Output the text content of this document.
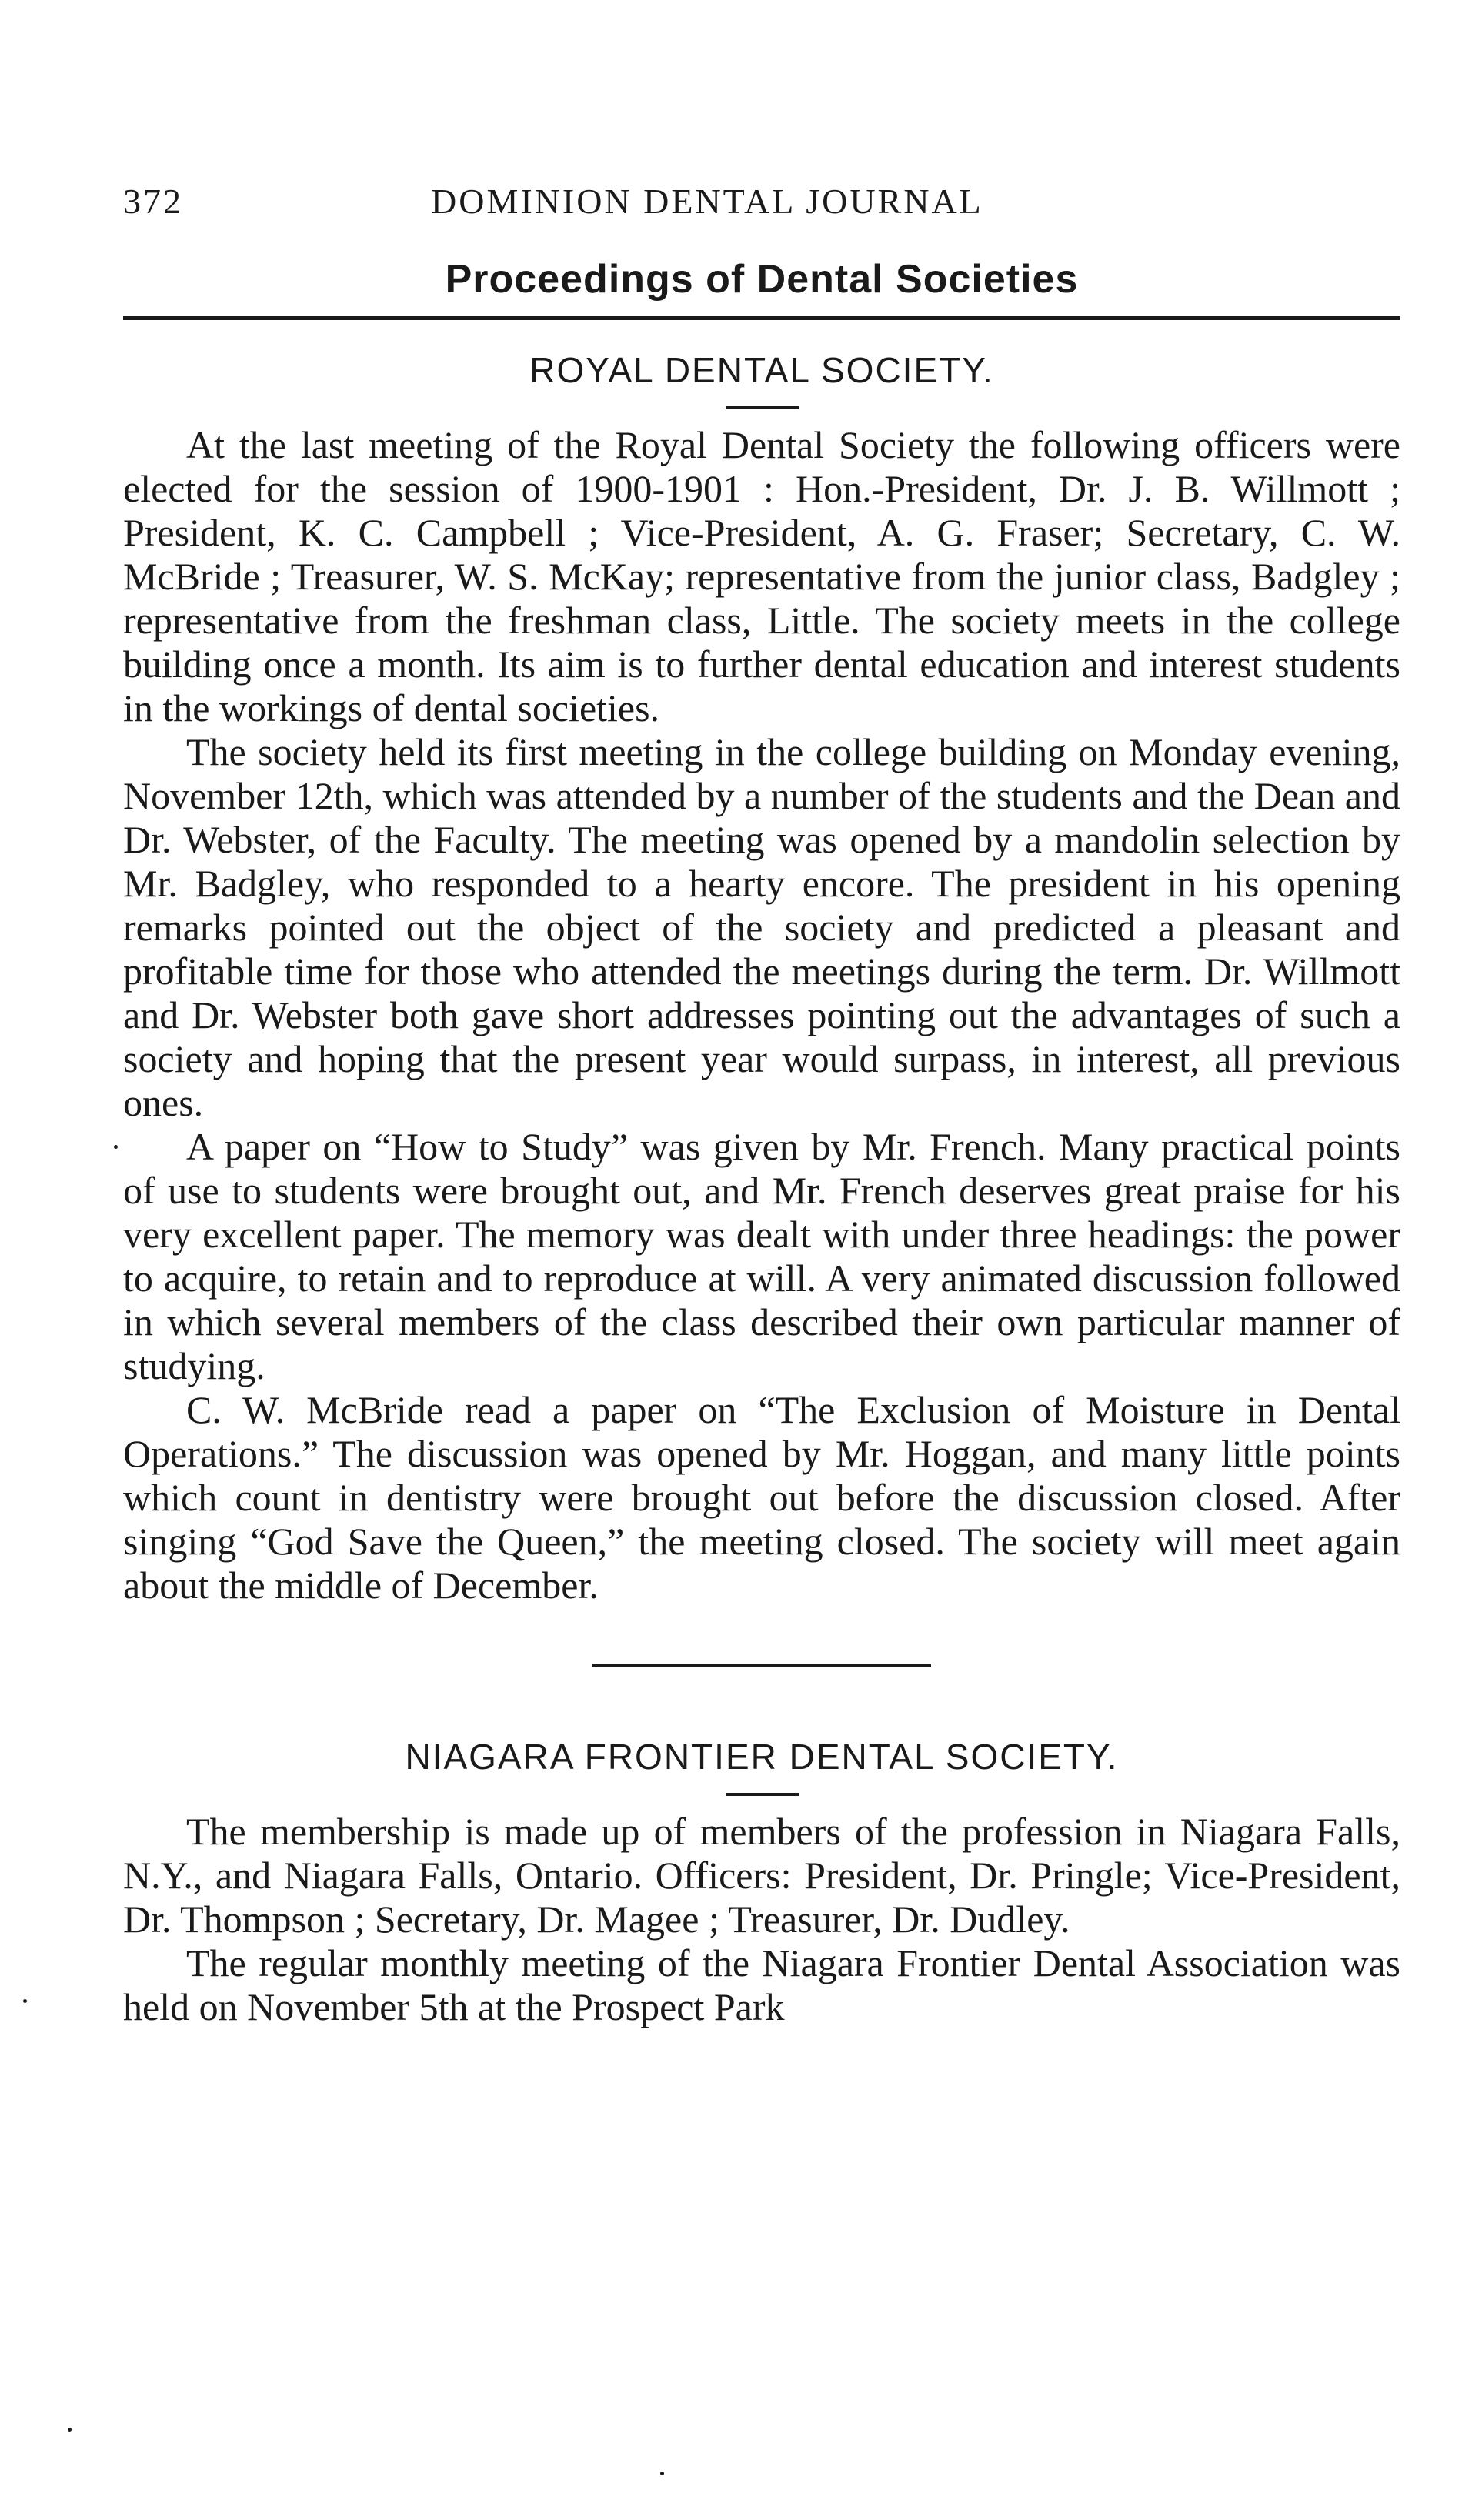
372	DOMINION DENTAL JOURNAL
Proceedings of Dental Societies
ROYAL DENTAL SOCIETY.

At the last meeting of the Royal Dental Society the following officers were elected for the session of 1900-1901 : Hon.-President, Dr. J. B. Willmott ; President, K. C. Campbell ; Vice-President, A. G. Fraser; Secretary, C. W. McBride ; Treasurer, W. S. McKay; representative from the junior class, Badgley ; representative from the freshman class, Little. The society meets in the college building once a month. Its aim is to further dental education and interest students in the workings of dental societies.

The society held its first meeting in the college building on Monday evening, November 12th, which was attended by a number of the students and the Dean and Dr. Webster, of the Faculty. The meeting was opened by a mandolin selection by Mr. Badgley, who responded to a hearty encore. The president in his opening remarks pointed out the object of the society and predicted a pleasant and profitable time for those who attended the meetings during the term. Dr. Willmott and Dr. Webster both gave short addresses pointing out the advantages of such a society and hoping that the present year would surpass, in interest, all previous ones.

A paper on “How to Study” was given by Mr. French. Many practical points of use to students were brought out, and Mr. French deserves great praise for his very excellent paper. The memory was dealt with under three headings: the power to acquire, to retain and to reproduce at will. A very animated discussion followed in which several members of the class described their own particular manner of studying.

C. W. McBride read a paper on “The Exclusion of Moisture in Dental Operations.” The discussion was opened by Mr. Hoggan, and many little points which count in dentistry were brought out before the discussion closed. After singing “God Save the Queen,” the meeting closed. The society will meet again about the middle of December.

NIAGARA FRONTIER DENTAL SOCIETY.

The membership is made up of members of the profession in Niagara Falls, N.Y., and Niagara Falls, Ontario. Officers: President, Dr. Pringle; Vice-President, Dr. Thompson ; Secretary, Dr. Magee ; Treasurer, Dr. Dudley.

The regular monthly meeting of the Niagara Frontier Dental Association was held on November 5th at the Prospect Park
